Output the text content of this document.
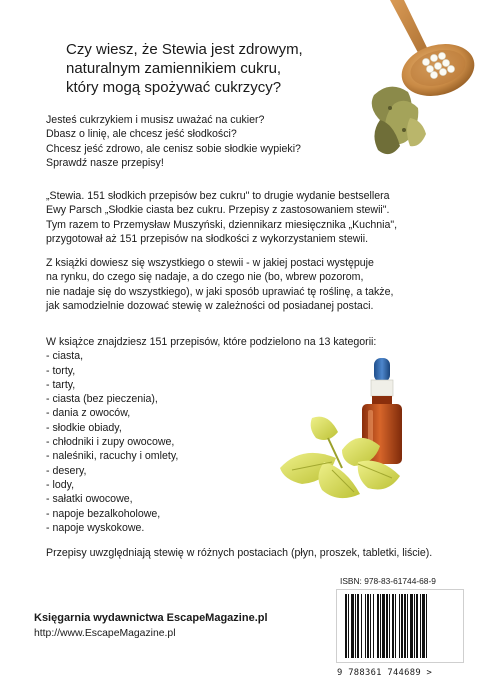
Czy wiesz, że Stewia jest zdrowym,
naturalnym zamiennikiem cukru,
który mogą spożywać cukrzycy?

Jesteś cukrzykiem i musisz uważać na cukier?
Dbasz o linię, ale chcesz jeść słodkości?
Chcesz jeść zdrowo, ale cenisz sobie słodkie wypieki?
Sprawdź nasze przepisy!

„Stewia. 151 słodkich przepisów bez cukru" to drugie wydanie bestsellera
Ewy Parsch „Słodkie ciasta bez cukru. Przepisy z zastosowaniem stewii".
Tym razem to Przemysław Muszyński, dziennikarz miesięcznika „Kuchnia",
przygotował aż 151 przepisów na słodkości z wykorzystaniem stewii.

Z książki dowiesz się wszystkiego o stewii - w jakiej postaci występuje
na rynku, do czego się nadaje, a do czego nie (bo, wbrew pozorom,
nie nadaje się do wszystkiego), w jaki sposób uprawiać tę roślinę, a także,
jak samodzielnie dozować stewię w zależności od posiadanej postaci.

W książce znajdziesz 151 przepisów, które podzielono na 13 kategorii:
- ciasta,
- torty,
- tarty,
- ciasta (bez pieczenia),
- dania z owoców,
- słodkie obiady,
- chłodniki i zupy owocowe,
- naleśniki, racuchy i omlety,
- desery,
- lody,
- sałatki owocowe,
- napoje bezalkoholowe,
- napoje wyskokowe.

Przepisy uwzględniają stewię w różnych postaciach (płyn, proszek, tabletki, liście).

ISBN: 978-83-61744-68-9
9 788361 744689 >
Księgarnia wydawnictwa EscapeMagazine.pl
http://www.EscapeMagazine.pl
